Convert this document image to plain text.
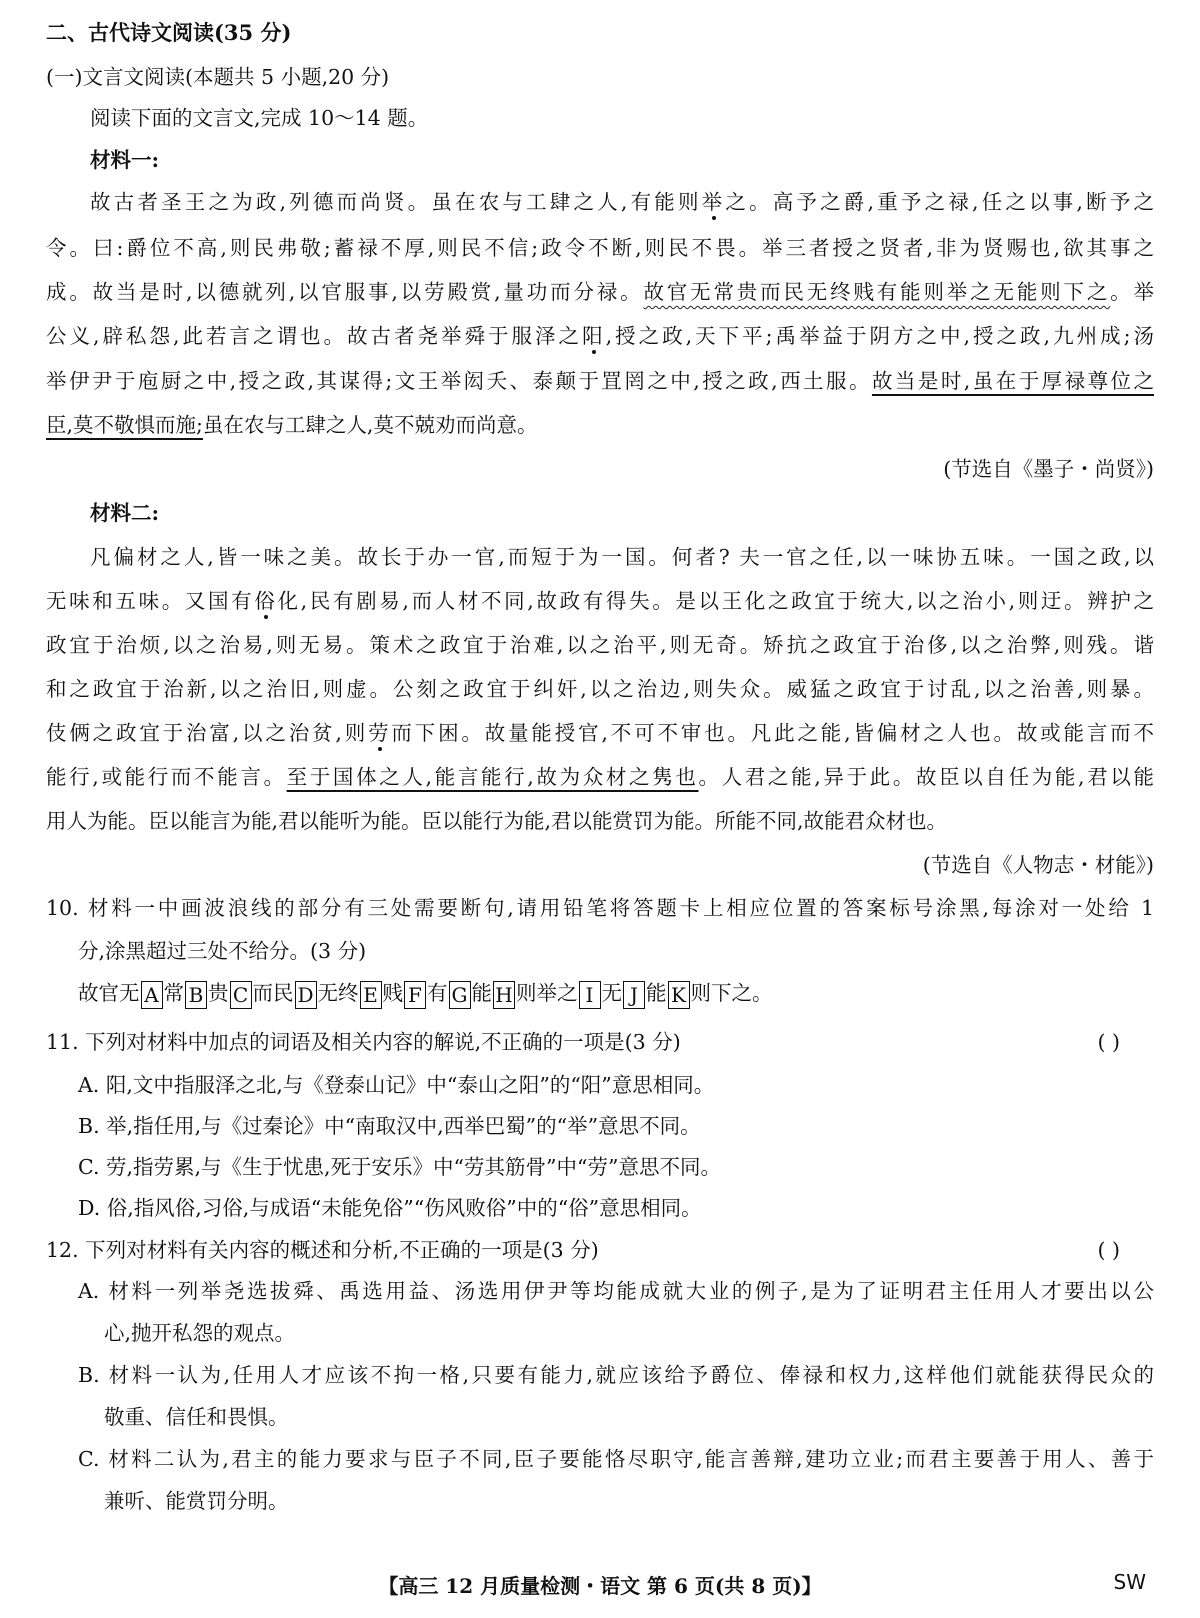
二、古代诗文阅读(35 分)
(一)文言文阅读(本题共 5 小题,20 分)
阅读下面的文言文,完成 10～14 题。
材料一:
故古者圣王之为政,列德而尚贤。虽在农与工肆之人,有能则举之。高予之爵,重予之禄,任之以事,断予之
令。曰:爵位不高,则民弗敬;蓄禄不厚,则民不信;政令不断,则民不畏。举三者授之贤者,非为贤赐也,欲其事之
成。故当是时,以德就列,以官服事,以劳殿赏,量功而分禄。故官无常贵而民无终贱有能则举之无能则下之。举
公义,辟私怨,此若言之谓也。故古者尧举舜于服泽之阳,授之政,天下平;禹举益于阴方之中,授之政,九州成;汤
举伊尹于庖厨之中,授之政,其谋得;文王举闳夭、泰颠于罝罔之中,授之政,西土服。故当是时,虽在于厚禄尊位之
臣,莫不敬惧而施;虽在农与工肆之人,莫不兢劝而尚意。
(节选自《墨子・尚贤》)
材料二:
凡偏材之人,皆一味之美。故长于办一官,而短于为一国。何者? 夫一官之任,以一味协五味。一国之政,以
无味和五味。又国有俗化,民有剧易,而人材不同,故政有得失。是以王化之政宜于统大,以之治小,则迂。辨护之
政宜于治烦,以之治易,则无易。策术之政宜于治难,以之治平,则无奇。矫抗之政宜于治侈,以之治弊,则残。谐
和之政宜于治新,以之治旧,则虚。公刻之政宜于纠奸,以之治边,则失众。威猛之政宜于讨乱,以之治善,则暴。
伎俩之政宜于治富,以之治贫,则劳而下困。故量能授官,不可不审也。凡此之能,皆偏材之人也。故或能言而不
能行,或能行而不能言。至于国体之人,能言能行,故为众材之隽也。人君之能,异于此。故臣以自任为能,君以能
用人为能。臣以能言为能,君以能听为能。臣以能行为能,君以能赏罚为能。所能不同,故能君众材也。
(节选自《人物志・材能》)
10. 材料一中画波浪线的部分有三处需要断句,请用铅笔将答题卡上相应位置的答案标号涂黑,每涂对一处给 1
分,涂黑超过三处不给分。(3 分)
故官无 A 常 B 贵 C 而民 D 无终 E 贱 F 有 G 能 H 则举之 I 无 J 能 K 则下之。
11. 下列对材料中加点的词语及相关内容的解说,不正确的一项是(3 分)	( )
A. 阳,文中指服泽之北,与《登泰山记》中“泰山之阳”的“阳”意思相同。
B. 举,指任用,与《过秦论》中“南取汉中,西举巴蜀”的“举”意思不同。
C. 劳,指劳累,与《生于忧患,死于安乐》中“劳其筋骨”中“劳”意思不同。
D. 俗,指风俗,习俗,与成语“未能免俗”“伤风败俗”中的“俗”意思相同。
12. 下列对材料有关内容的概述和分析,不正确的一项是(3 分)	( )
A. 材料一列举尧选拔舜、禹选用益、汤选用伊尹等均能成就大业的例子,是为了证明君主任用人才要出以公
心,抛开私怨的观点。
B. 材料一认为,任用人才应该不拘一格,只要有能力,就应该给予爵位、俸禄和权力,这样他们就能获得民众的
敬重、信任和畏惧。
C. 材料二认为,君主的能力要求与臣子不同,臣子要能恪尽职守,能言善辩,建功立业;而君主要善于用人、善于
兼听、能赏罚分明。
【高三 12 月质量检测・语文 第 6 页(共 8 页)】	SW
